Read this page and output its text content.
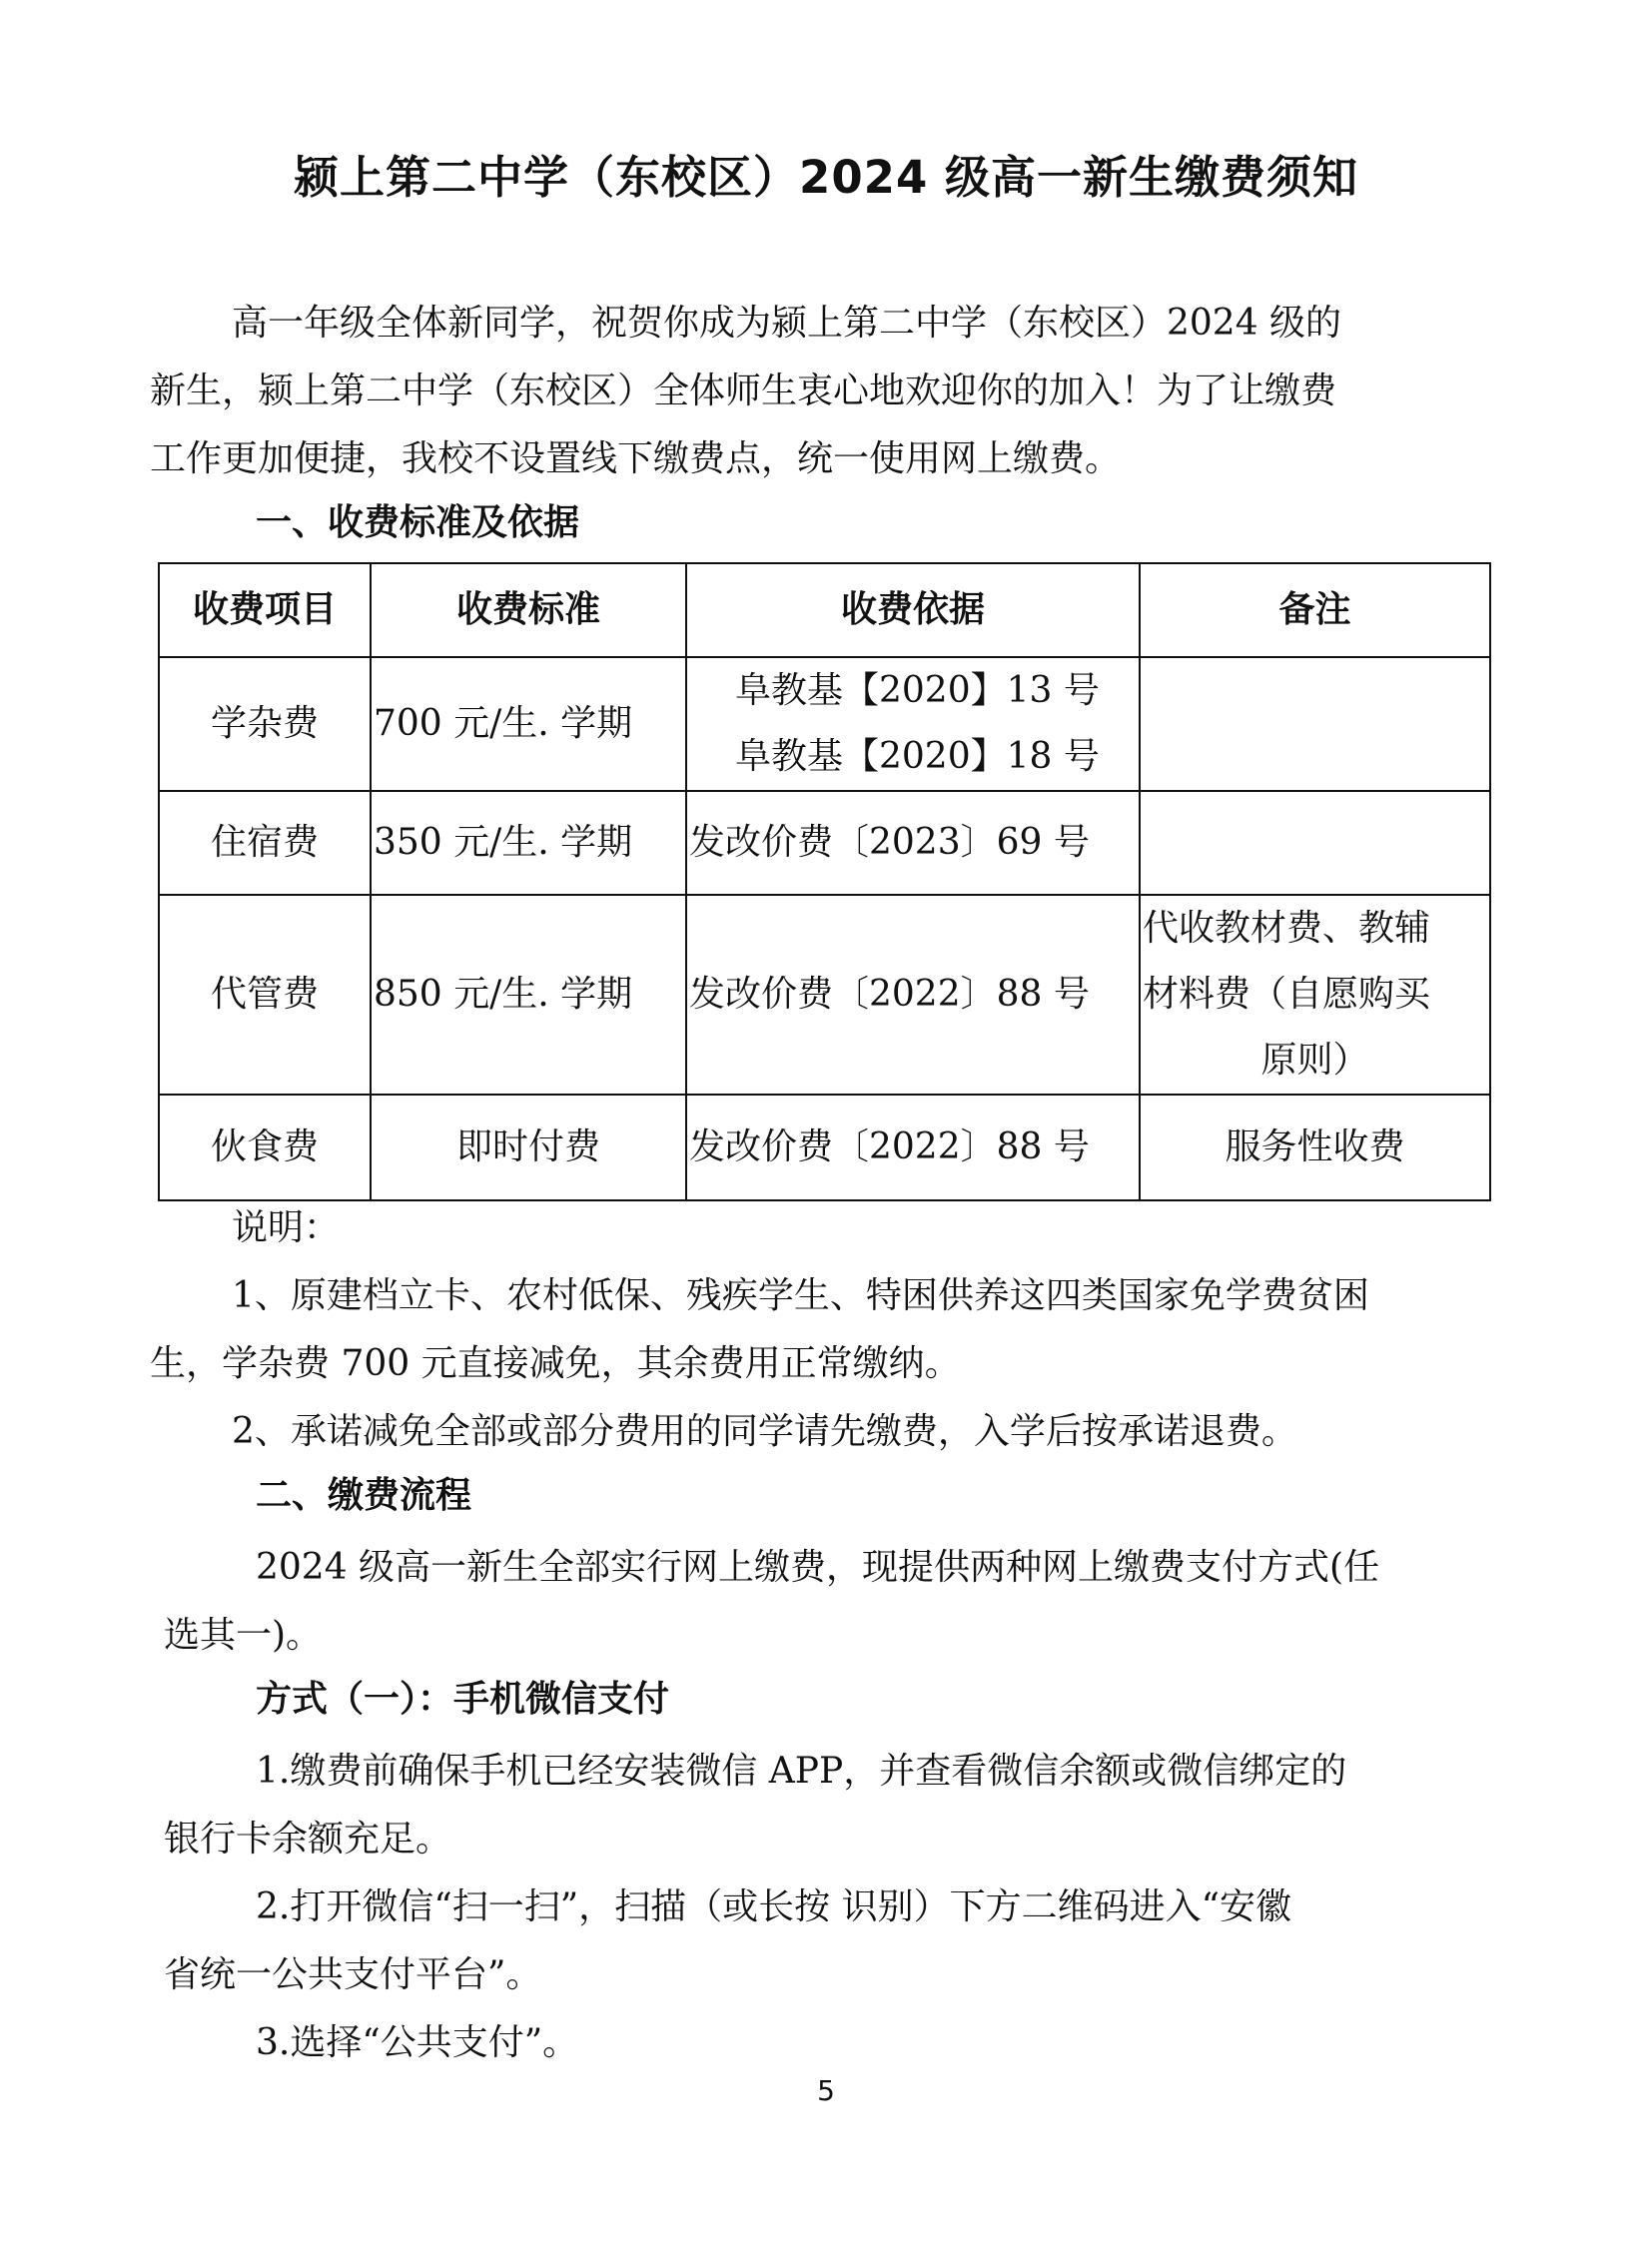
颍上第二中学（东校区）2024 级高一新生缴费须知
高一年级全体新同学，祝贺你成为颍上第二中学（东校区）2024 级的
新生，颍上第二中学（东校区）全体师生衷心地欢迎你的加入！为了让缴费
工作更加便捷，我校不设置线下缴费点，统一使用网上缴费。
一、收费标准及依据
收费项目	收费标准	收费依据	备注
学杂费	700 元/生. 学期	阜教基【2020】13 号
阜教基【2020】18 号	

住宿费	350 元/生. 学期	发改价费〔2023〕69 号	
代管费	850 元/生. 学期	发改价费〔2022〕88 号	代收教材费、教辅
材料费（自愿购买
原则）

伙食费	即时付费	发改价费〔2022〕88 号	服务性收费
说明：
1、原建档立卡、农村低保、残疾学生、特困供养这四类国家免学费贫困
生，学杂费 700 元直接减免，其余费用正常缴纳。
2、承诺减免全部或部分费用的同学请先缴费，入学后按承诺退费。
二、缴费流程
2024 级高一新生全部实行网上缴费，现提供两种网上缴费支付方式(任
选其一)。
方式（一）：手机微信支付
1.缴费前确保手机已经安装微信 APP，并查看微信余额或微信绑定的
银行卡余额充足。
2.打开微信“扫一扫”，扫描（或长按 识别）下方二维码进入“安徽
省统一公共支付平台”。
3.选择“公共支付”。
5
